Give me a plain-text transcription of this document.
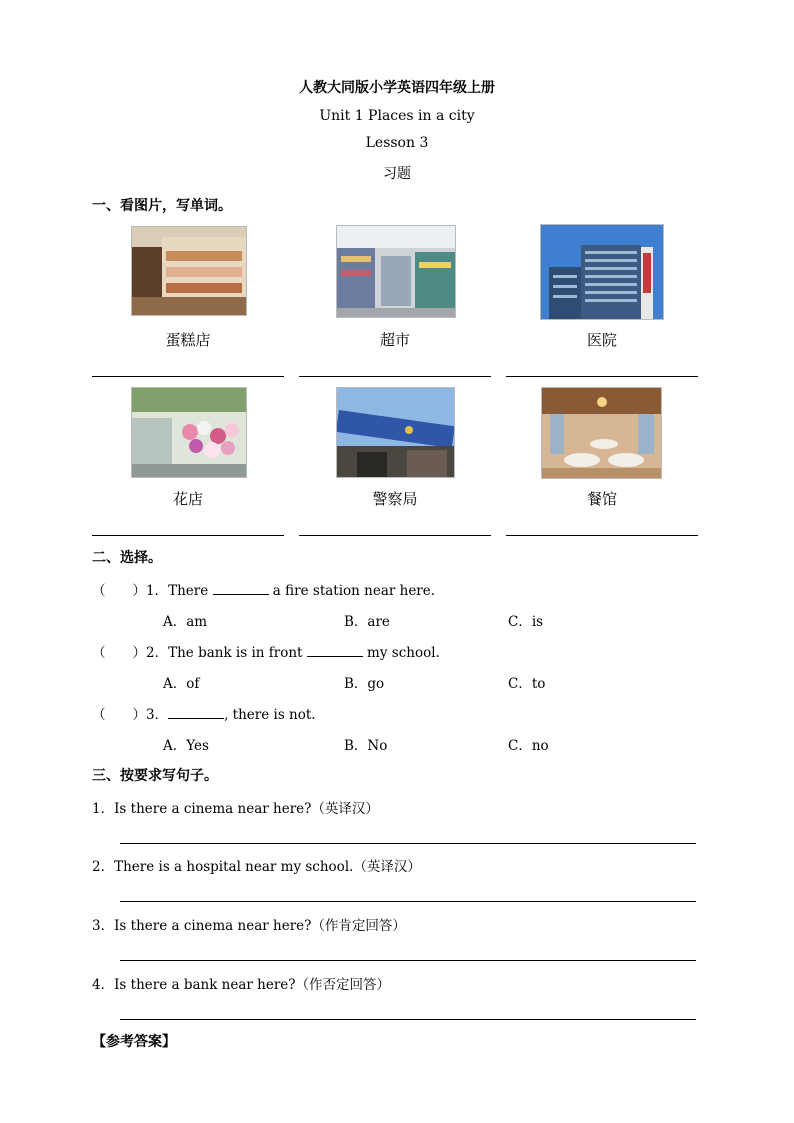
人教大同版小学英语四年级上册
Unit 1 Places in a city
Lesson 3
习题
一、看图片，写单词。
蛋糕店	超市	医院
花店	警察局	餐馆
二、选择。
（　　）1．There	a fire station near here.
A．am	B．are	C．is
（　　）2．The bank is in front	my school.
A．of	B．go	C．to
（　　）3．	, there is not.
A．Yes	B．No	C．no
三、按要求写句子。
1．Is there a cinema near here?（英译汉）
2．There is a hospital near my school.（英译汉）
3．Is there a cinema near here?（作肯定回答）
4．Is there a bank near here?（作否定回答）
【参考答案】
